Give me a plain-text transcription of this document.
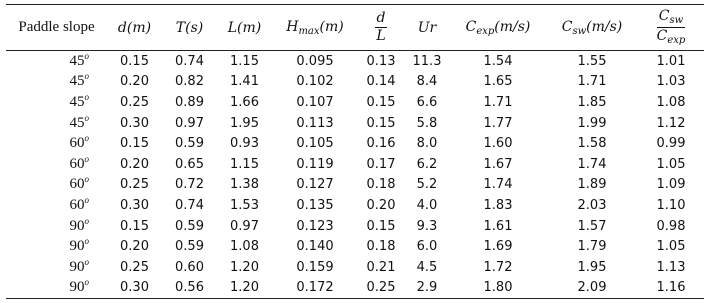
Paddle slope	d(m)	T(s)	L(m)	$H_{max}(m)$	$\frac{d}{L}$	Ur	$C_{exp}(m/s)$	$C_{sw}(m/s)$	$\frac{C_{sw}}{C_{exp}}$

45$^o$	0.15	0.74	1.15	0.095	0.13	11.3	1.54	1.55	1.01
45$^o$	0.20	0.82	1.41	0.102	0.14	8.4	1.65	1.71	1.03
45$^o$	0.25	0.89	1.66	0.107	0.15	6.6	1.71	1.85	1.08
45$^o$	0.30	0.97	1.95	0.113	0.15	5.8	1.77	1.99	1.12
60$^o$	0.15	0.59	0.93	0.105	0.16	8.0	1.60	1.58	0.99
60$^o$	0.20	0.65	1.15	0.119	0.17	6.2	1.67	1.74	1.05
60$^o$	0.25	0.72	1.38	0.127	0.18	5.2	1.74	1.89	1.09
60$^o$	0.30	0.74	1.53	0.135	0.20	4.0	1.83	2.03	1.10
90$^o$	0.15	0.59	0.97	0.123	0.15	9.3	1.61	1.57	0.98
90$^o$	0.20	0.59	1.08	0.140	0.18	6.0	1.69	1.79	1.05
90$^o$	0.25	0.60	1.20	0.159	0.21	4.5	1.72	1.95	1.13
90$^o$	0.30	0.56	1.20	0.172	0.25	2.9	1.80	2.09	1.16
